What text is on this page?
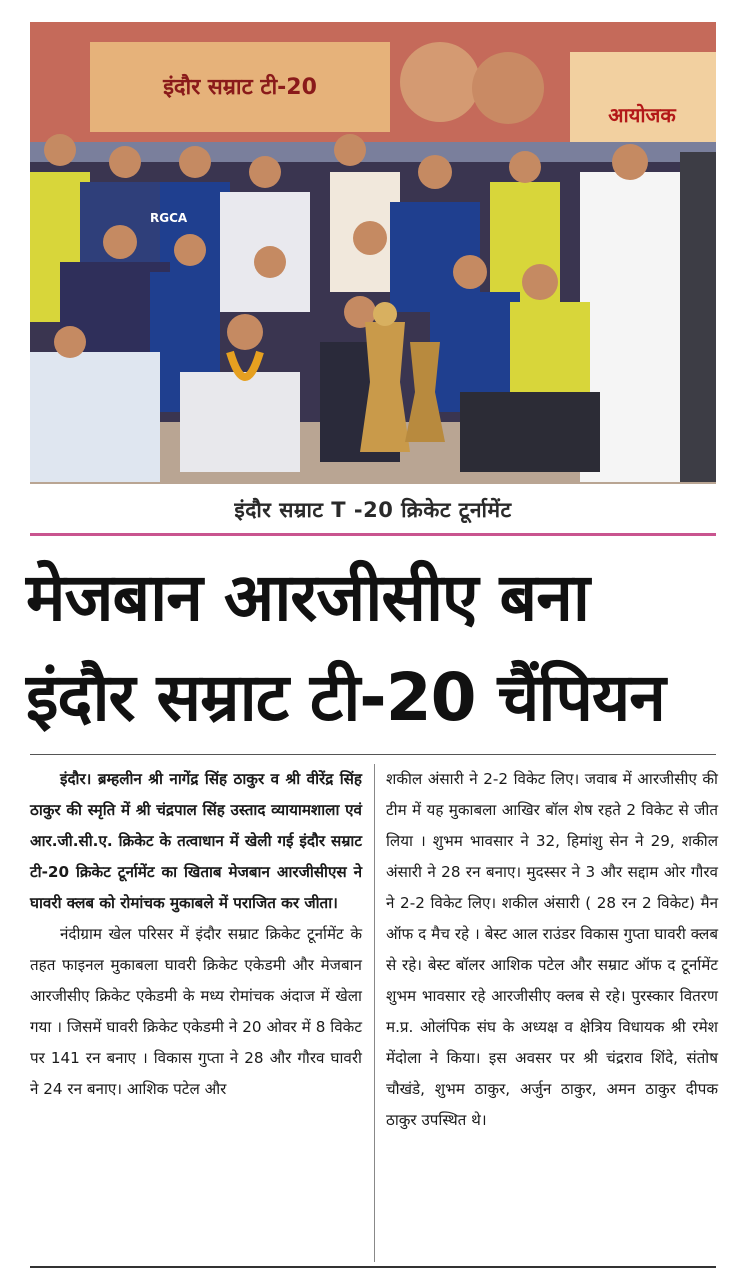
इंदौर सम्राट टी-20
आयोजक
RGCA
इंदौर सम्राट T -20 क्रिकेट टूर्नामेंट
मेजबान आरजीसीए बना
इंदौर सम्राट टी-20 चैंपियन

इंदौर। ब्रम्हलीन श्री नागेंद्र सिंह ठाकुर व श्री वीरेंद्र सिंह ठाकुर की स्मृति में श्री चंद्रपाल सिंह उस्ताद व्यायामशाला एवं आर.जी.सी.ए. क्रिकेट के तत्वाधान में खेली गई इंदौर सम्राट टी-20 क्रिकेट टूर्नामेंट का खिताब मेजबान आरजीसीएस ने घावरी क्लब को रोमांचक मुकाबले में पराजित कर जीता।

नंदीग्राम खेल परिसर में इंदौर सम्राट क्रिकेट टूर्नामेंट के तहत फाइनल मुकाबला घावरी क्रिकेट एकेडमी और मेजबान आरजीसीए क्रिकेट एकेडमी के मध्य रोमांचक अंदाज में खेला गया । जिसमें घावरी क्रिकेट एकेडमी ने 20 ओवर में 8 विकेट पर 141 रन बनाए । विकास गुप्ता ने 28 और गौरव घावरी ने 24 रन बनाए। आशिक पटेल और

शकील अंसारी ने 2-2 विकेट लिए। जवाब में आरजीसीए की टीम में यह मुकाबला आखिर बॉल शेष रहते 2 विकेट से जीत लिया । शुभम भावसार ने 32, हिमांशु सेन ने 29, शकील अंसारी ने 28 रन बनाए। मुदस्सर ने 3 और सद्दाम ओर गौरव ने 2-2 विकेट लिए। शकील अंसारी ( 28 रन 2 विकेट) मैन ऑफ द मैच रहे । बेस्ट आल राउंडर विकास गुप्ता घावरी क्लब से रहे। बेस्ट बॉलर आशिक पटेल और सम्राट ऑफ द टूर्नामेंट शुभम भावसार रहे आरजीसीए क्लब से रहे। पुरस्कार वितरण म.प्र. ओलंपिक संघ के अध्यक्ष व क्षेत्रिय विधायक श्री रमेश मेंदोला ने किया। इस अवसर पर श्री चंद्रराव शिंदे, संतोष चौखंडे, शुभम ठाकुर, अर्जुन ठाकुर, अमन ठाकुर दीपक ठाकुर उपस्थित थे।
